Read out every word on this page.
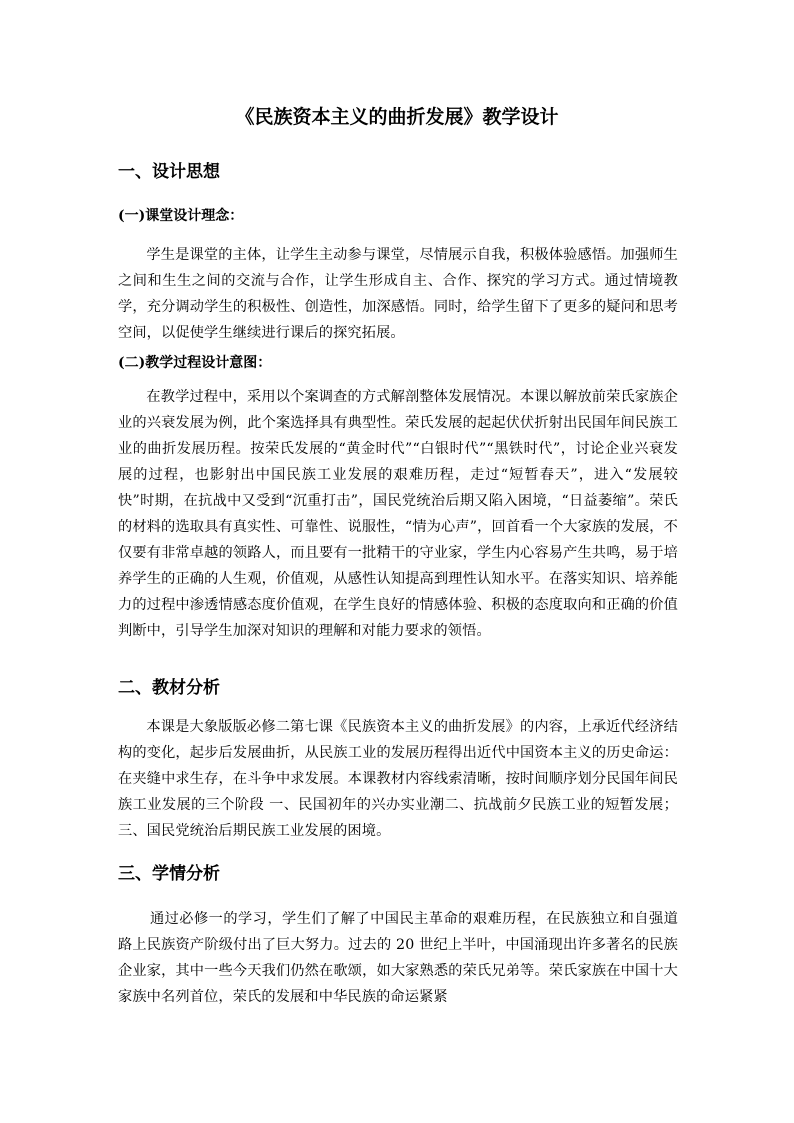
《民族资本主义的曲折发展》教学设计
一、设计思想
(一)课堂设计理念：
学生是课堂的主体，让学生主动参与课堂，尽情展示自我，积极体验感悟。加强师生之间和生生之间的交流与合作，让学生形成自主、合作、探究的学习方式。通过情境教学，充分调动学生的积极性、创造性，加深感悟。同时，给学生留下了更多的疑问和思考空间，以促使学生继续进行课后的探究拓展。
(二)教学过程设计意图：
在教学过程中，采用以个案调查的方式解剖整体发展情况。本课以解放前荣氏家族企业的兴衰发展为例，此个案选择具有典型性。荣氏发展的起起伏伏折射出民国年间民族工业的曲折发展历程。按荣氏发展的“黄金时代”“白银时代”“黑铁时代”，讨论企业兴衰发展的过程，也影射出中国民族工业发展的艰难历程，走过“短暂春天”，进入“发展较快”时期，在抗战中又受到“沉重打击”，国民党统治后期又陷入困境，“日益萎缩”。荣氏的材料的选取具有真实性、可靠性、说服性，“情为心声”，回首看一个大家族的发展，不仅要有非常卓越的领路人，而且要有一批精干的守业家，学生内心容易产生共鸣，易于培养学生的正确的人生观，价值观，从感性认知提高到理性认知水平。在落实知识、培养能力的过程中渗透情感态度价值观，在学生良好的情感体验、积极的态度取向和正确的价值判断中，引导学生加深对知识的理解和对能力要求的领悟。
二、教材分析
本课是大象版版必修二第七课《民族资本主义的曲折发展》的内容，上承近代经济结构的变化，起步后发展曲折，从民族工业的发展历程得出近代中国资本主义的历史命运：在夹缝中求生存，在斗争中求发展。本课教材内容线索清晰，按时间顺序划分民国年间民族工业发展的三个阶段 一、民国初年的兴办实业潮二、抗战前夕民族工业的短暂发展；三、国民党统治后期民族工业发展的困境。
三、学情分析
通过必修一的学习，学生们了解了中国民主革命的艰难历程，在民族独立和自强道路上民族资产阶级付出了巨大努力。过去的 20 世纪上半叶，中国涌现出许多著名的民族企业家，其中一些今天我们仍然在歌颂，如大家熟悉的荣氏兄弟等。荣氏家族在中国十大家族中名列首位，荣氏的发展和中华民族的命运紧紧
